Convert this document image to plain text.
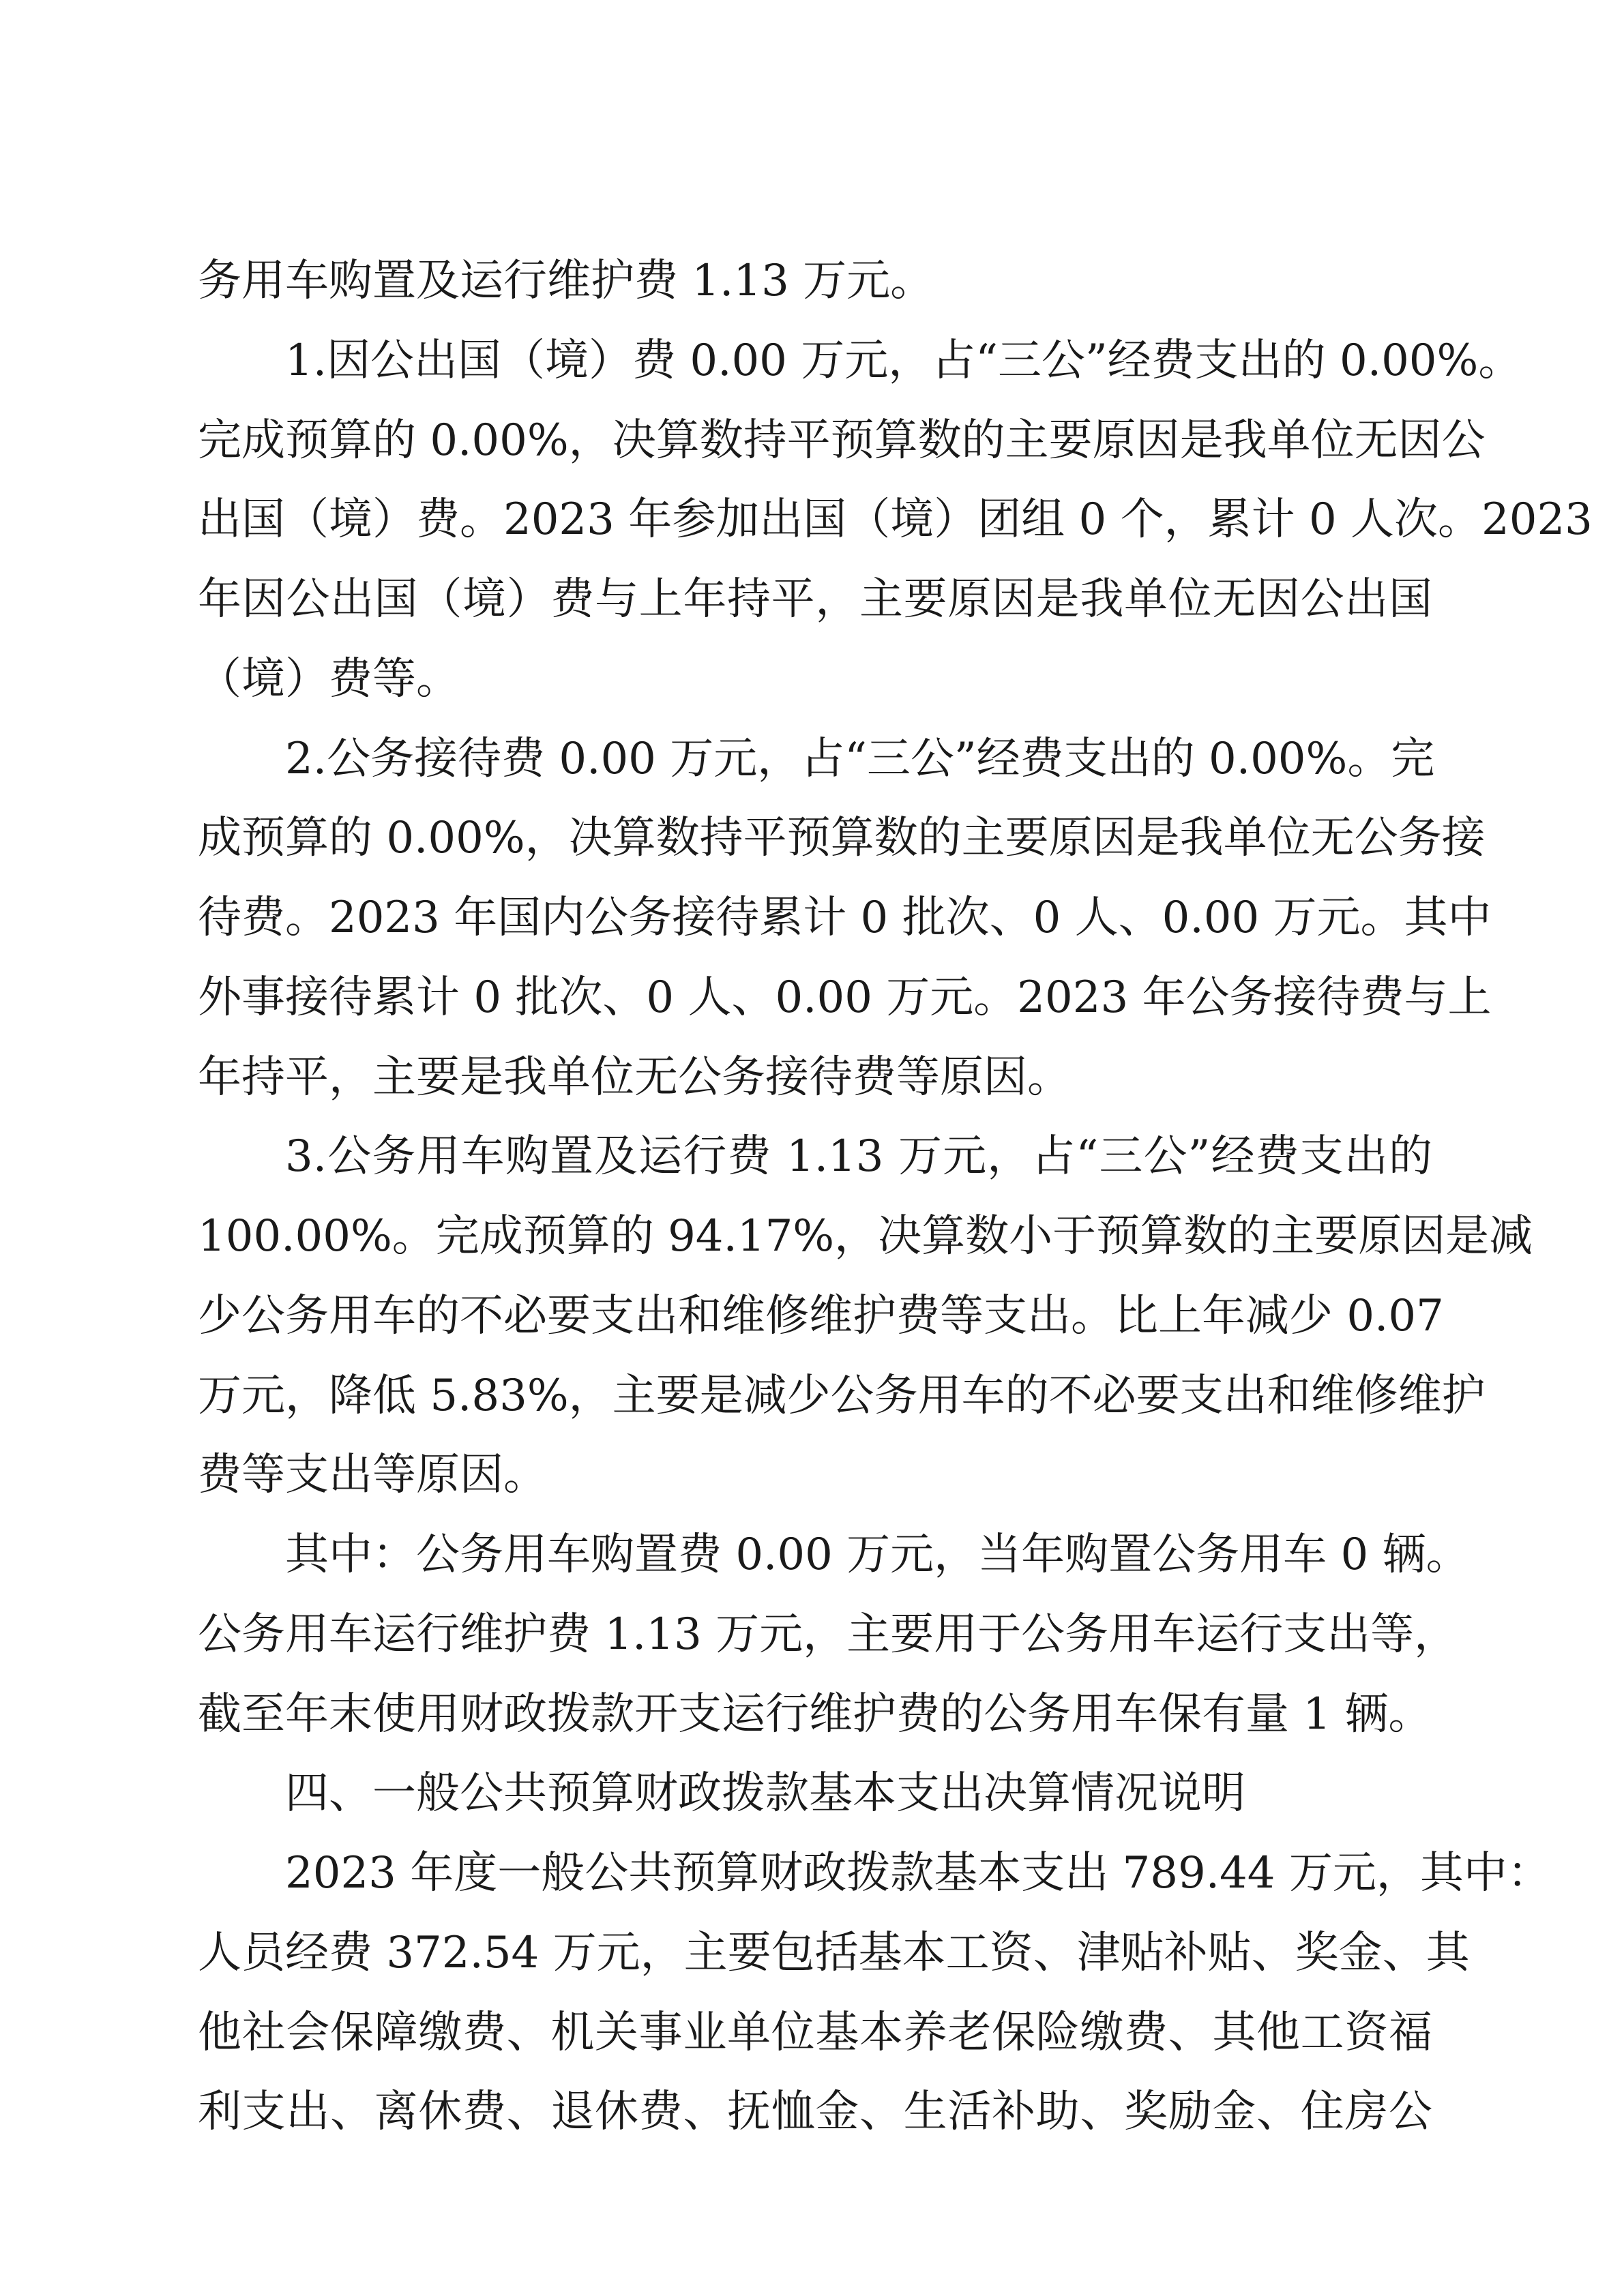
务用车购置及运行维护费 1.13 万元。
1.因公出国（境）费 0.00 万元，占“三公”经费支出的 0.00%。
完成预算的 0.00%，决算数持平预算数的主要原因是我单位无因公
出国（境）费。2023 年参加出国（境）团组 0 个，累计 0 人次。2023
年因公出国（境）费与上年持平，主要原因是我单位无因公出国
（境）费等。
2.公务接待费 0.00 万元，占“三公”经费支出的 0.00%。完
成预算的 0.00%，决算数持平预算数的主要原因是我单位无公务接
待费。2023 年国内公务接待累计 0 批次、0 人、0.00 万元。其中
外事接待累计 0 批次、0 人、0.00 万元。2023 年公务接待费与上
年持平，主要是我单位无公务接待费等原因。
3.公务用车购置及运行费 1.13 万元，占“三公”经费支出的
100.00%。完成预算的 94.17%，决算数小于预算数的主要原因是减
少公务用车的不必要支出和维修维护费等支出。比上年减少 0.07
万元，降低 5.83%，主要是减少公务用车的不必要支出和维修维护
费等支出等原因。
其中：公务用车购置费 0.00 万元，当年购置公务用车 0 辆。
公务用车运行维护费 1.13 万元，主要用于公务用车运行支出等，
截至年末使用财政拨款开支运行维护费的公务用车保有量 1 辆。
四、一般公共预算财政拨款基本支出决算情况说明
2023 年度一般公共预算财政拨款基本支出 789.44 万元，其中：
人员经费 372.54 万元，主要包括基本工资、津贴补贴、奖金、其
他社会保障缴费、机关事业单位基本养老保险缴费、其他工资福
利支出、离休费、退休费、抚恤金、生活补助、奖励金、住房公
